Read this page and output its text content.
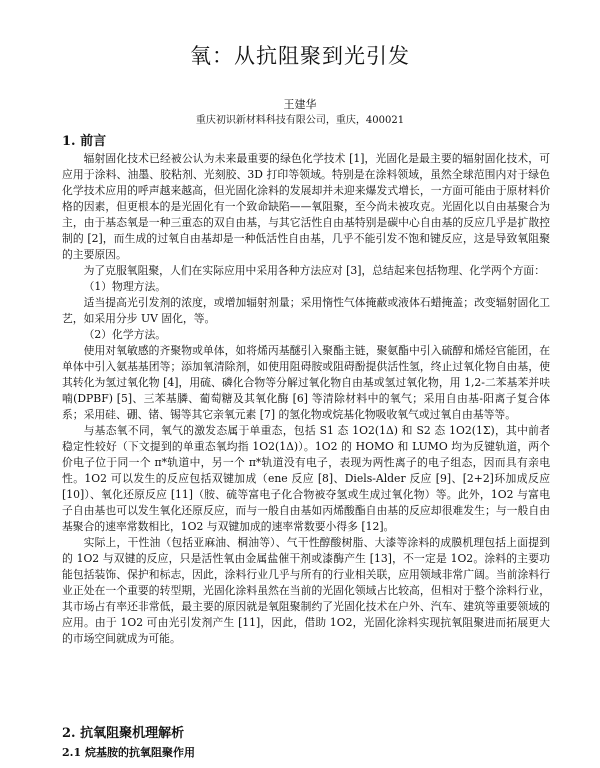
氧：从抗阻聚到光引发
王建华
重庆初识新材料科技有限公司，重庆，400021
1. 前言

辐射固化技术已经被公认为未来最重要的绿色化学技术 [1]，光固化是最主要的辐射固化技术，可应用于涂料、油墨、胶粘剂、光刻胶、3D 打印等领域。特别是在涂料领域，虽然全球范围内对于绿色化学技术应用的呼声越来越高，但光固化涂料的发展却并未迎来爆发式增长，一方面可能由于原材料价格的因素，但更根本的是光固化有一个致命缺陷——氧阻聚，至今尚未被攻克。光固化以自由基聚合为主，由于基态氧是一种三重态的双自由基，与其它活性自由基特别是碳中心自由基的反应几乎是扩散控制的 [2]，而生成的过氧自由基却是一种低活性自由基，几乎不能引发不饱和键反应，这是导致氧阻聚的主要原因。

为了克服氧阻聚，人们在实际应用中采用各种方法应对 [3]，总结起来包括物理、化学两个方面：

（1）物理方法。

适当提高光引发剂的浓度，或增加辐射剂量；采用惰性气体掩蔽或液体石蜡掩盖；改变辐射固化工艺，如采用分步 UV 固化，等。

（2）化学方法。

使用对氧敏感的齐聚物或单体，如将烯丙基醚引入聚酯主链，聚氨酯中引入硫醇和烯烃官能团，在单体中引入氨基基团等；添加氧清除剂，如使用阻碍胺或阻碍酚提供活性氢，终止过氧化物自由基，使其转化为氢过氧化物 [4]，用硫、磷化合物等分解过氧化物自由基或氢过氧化物，用 1,2-二苯基苯并呋喃(DPBF) [5]、三苯基膦、葡萄糖及其氧化酶 [6] 等清除材料中的氧气；采用自由基-阳离子复合体系；采用硅、硼、锗、锡等其它亲氧元素 [7] 的氢化物或烷基化物吸收氧气或过氧自由基等等。

与基态氧不同，氧气的激发态属于单重态，包括 S1 态 1O2(1Δ) 和 S2 态 1O2(1Σ)，其中前者稳定性较好（下文提到的单重态氧均指 1O2(1Δ)）。1O2 的 HOMO 和 LUMO 均为反键轨道，两个价电子位于同一个 π*轨道中，另一个 π*轨道没有电子，表现为两性离子的电子组态，因而具有亲电性。1O2 可以发生的反应包括双键加成（ene 反应 [8]、Diels-Alder 反应 [9]、[2+2]环加成反应 [10]）、氧化还原反应 [11]（胺、硫等富电子化合物被夺氢或生成过氧化物）等。此外，1O2 与富电子自由基也可以发生氧化还原反应，而与一般自由基如丙烯酸酯自由基的反应却很难发生；与一般自由基聚合的速率常数相比，1O2 与双键加成的速率常数要小得多 [12]。

实际上，干性油（包括亚麻油、桐油等）、气干性醇酸树脂、大漆等涂料的成膜机理包括上面提到的 1O2 与双键的反应，只是活性氧由金属盐催干剂或漆酶产生 [13]，不一定是 1O2。涂料的主要功能包括装饰、保护和标志，因此，涂料行业几乎与所有的行业相关联，应用领域非常广阔。当前涂料行业正处在一个重要的转型期，光固化涂料虽然在当前的光固化领域占比较高，但相对于整个涂料行业，其市场占有率还非常低，最主要的原因就是氧阻聚制约了光固化技术在户外、汽车、建筑等重要领域的应用。由于 1O2 可由光引发剂产生 [11]，因此，借助 1O2，光固化涂料实现抗氧阻聚进而拓展更大的市场空间就成为可能。

2. 抗氧阻聚机理解析
2.1 烷基胺的抗氧阻聚作用
